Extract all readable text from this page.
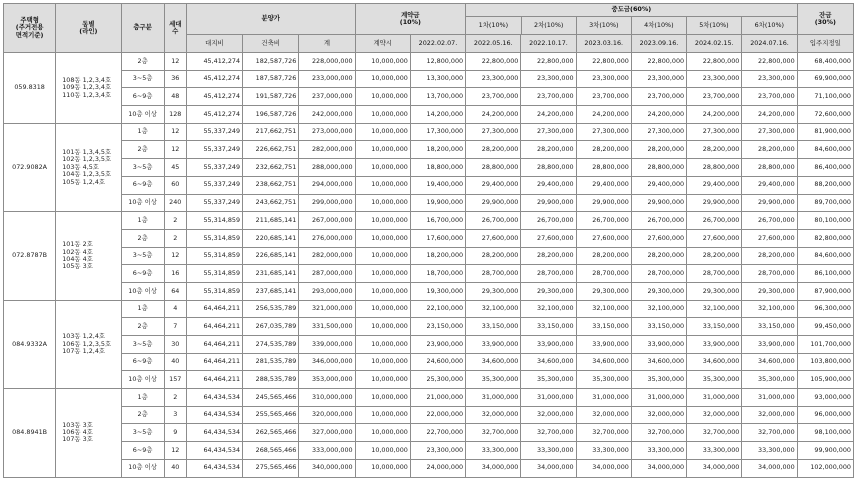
주택형
(주거전용
면적기준)	동별
(라인)	층구분	세대
수	분양가	계약금
(10%)	
중도금(60%)
1차(10%)	2차(10%)	3차(10%)	4차(10%)	5차(10%)	6차(10%)
	잔금
(30%)
대지비	건축비	계	계약시	2022.02.07.	2022.05.16.	2022.10.17.	2023.03.16.	2023.09.16.	2024.02.15.	2024.07.16.	입주지정일
059.8318	108동 1,2,3,4호
109동 1,2,3,4호
110동 1,2,3,4호	2층	12	45,412,274	182,587,726	228,000,000	10,000,000	12,800,000	22,800,000	22,800,000	22,800,000	22,800,000	22,800,000	22,800,000	68,400,000
3~5층	36	45,412,274	187,587,726	233,000,000	10,000,000	13,300,000	23,300,000	23,300,000	23,300,000	23,300,000	23,300,000	23,300,000	69,900,000
6~9층	48	45,412,274	191,587,726	237,000,000	10,000,000	13,700,000	23,700,000	23,700,000	23,700,000	23,700,000	23,700,000	23,700,000	71,100,000
10층 이상	128	45,412,274	196,587,726	242,000,000	10,000,000	14,200,000	24,200,000	24,200,000	24,200,000	24,200,000	24,200,000	24,200,000	72,600,000
072.9082A	101동 1,3,4,5호
102동 1,2,3,5호
103동 4,5호
104동 1,2,3,5호
105동 1,2,4호	1층	12	55,337,249	217,662,751	273,000,000	10,000,000	17,300,000	27,300,000	27,300,000	27,300,000	27,300,000	27,300,000	27,300,000	81,900,000
2층	12	55,337,249	226,662,751	282,000,000	10,000,000	18,200,000	28,200,000	28,200,000	28,200,000	28,200,000	28,200,000	28,200,000	84,600,000
3~5층	45	55,337,249	232,662,751	288,000,000	10,000,000	18,800,000	28,800,000	28,800,000	28,800,000	28,800,000	28,800,000	28,800,000	86,400,000
6~9층	60	55,337,249	238,662,751	294,000,000	10,000,000	19,400,000	29,400,000	29,400,000	29,400,000	29,400,000	29,400,000	29,400,000	88,200,000
10층 이상	240	55,337,249	243,662,751	299,000,000	10,000,000	19,900,000	29,900,000	29,900,000	29,900,000	29,900,000	29,900,000	29,900,000	89,700,000
072.8787B	101동 2호
102동 4호
104동 4호
105동 3호	1층	2	55,314,859	211,685,141	267,000,000	10,000,000	16,700,000	26,700,000	26,700,000	26,700,000	26,700,000	26,700,000	26,700,000	80,100,000
2층	2	55,314,859	220,685,141	276,000,000	10,000,000	17,600,000	27,600,000	27,600,000	27,600,000	27,600,000	27,600,000	27,600,000	82,800,000
3~5층	12	55,314,859	226,685,141	282,000,000	10,000,000	18,200,000	28,200,000	28,200,000	28,200,000	28,200,000	28,200,000	28,200,000	84,600,000
6~9층	16	55,314,859	231,685,141	287,000,000	10,000,000	18,700,000	28,700,000	28,700,000	28,700,000	28,700,000	28,700,000	28,700,000	86,100,000
10층 이상	64	55,314,859	237,685,141	293,000,000	10,000,000	19,300,000	29,300,000	29,300,000	29,300,000	29,300,000	29,300,000	29,300,000	87,900,000
084.9332A	103동 1,2,4호
106동 1,2,3,5호
107동 1,2,4호	1층	4	64,464,211	256,535,789	321,000,000	10,000,000	22,100,000	32,100,000	32,100,000	32,100,000	32,100,000	32,100,000	32,100,000	96,300,000
2층	7	64,464,211	267,035,789	331,500,000	10,000,000	23,150,000	33,150,000	33,150,000	33,150,000	33,150,000	33,150,000	33,150,000	99,450,000
3~5층	30	64,464,211	274,535,789	339,000,000	10,000,000	23,900,000	33,900,000	33,900,000	33,900,000	33,900,000	33,900,000	33,900,000	101,700,000
6~9층	40	64,464,211	281,535,789	346,000,000	10,000,000	24,600,000	34,600,000	34,600,000	34,600,000	34,600,000	34,600,000	34,600,000	103,800,000
10층 이상	157	64,464,211	288,535,789	353,000,000	10,000,000	25,300,000	35,300,000	35,300,000	35,300,000	35,300,000	35,300,000	35,300,000	105,900,000
084.8941B	103동 3호
106동 4호
107동 3호	1층	2	64,434,534	245,565,466	310,000,000	10,000,000	21,000,000	31,000,000	31,000,000	31,000,000	31,000,000	31,000,000	31,000,000	93,000,000
2층	3	64,434,534	255,565,466	320,000,000	10,000,000	22,000,000	32,000,000	32,000,000	32,000,000	32,000,000	32,000,000	32,000,000	96,000,000
3~5층	9	64,434,534	262,565,466	327,000,000	10,000,000	22,700,000	32,700,000	32,700,000	32,700,000	32,700,000	32,700,000	32,700,000	98,100,000
6~9층	12	64,434,534	268,565,466	333,000,000	10,000,000	23,300,000	33,300,000	33,300,000	33,300,000	33,300,000	33,300,000	33,300,000	99,900,000
10층 이상	40	64,434,534	275,565,466	340,000,000	10,000,000	24,000,000	34,000,000	34,000,000	34,000,000	34,000,000	34,000,000	34,000,000	102,000,000
